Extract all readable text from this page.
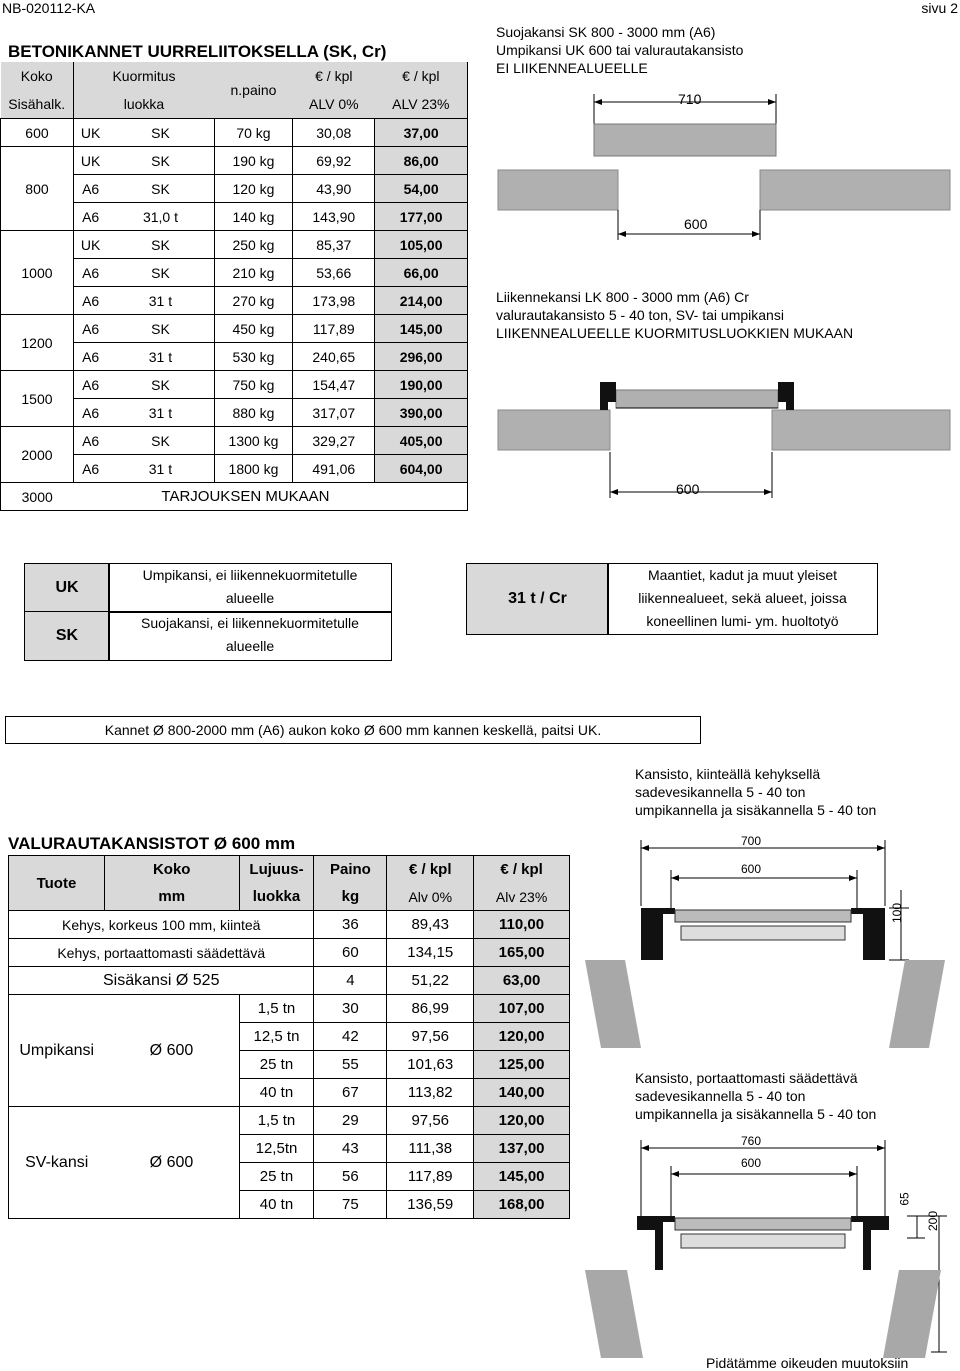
NB-020112-KA	sivu 2
BETONIKANNET UURRELIITOKSELLA (SK, Cr)
Koko	Kuormitus		n.paino	€ / kpl	€ / kpl
Sisähalk.	luokka			ALV 0%	ALV 23%
600	UK	SK	70 kg	30,08	37,00
800	UK	SK	190 kg	69,92	86,00
	A6	SK	120 kg	43,90	54,00
	A6	31,0 t	140 kg	143,90	177,00
1000	UK	SK	250 kg	85,37	105,00
	A6	SK	210 kg	53,66	66,00
	A6	31 t	270 kg	173,98	214,00
1200	A6	SK	450 kg	117,89	145,00
	A6	31 t	530 kg	240,65	296,00
1500	A6	SK	750 kg	154,47	190,00
	A6	31 t	880 kg	317,07	390,00
2000	A6	SK	1300 kg	329,27	405,00
	A6	31 t	1800 kg	491,06	604,00
3000	TARJOUKSEN MUKAAN				
Suojakansi SK 800 - 3000 mm (A6)
Umpikansi UK 600 tai valurautakansisto
EI LIIKENNEALUEELLE
710
600
Liikennekansi LK 800 - 3000 mm (A6) Cr
valurautakansisto 5 - 40 ton, SV- tai umpikansi
LIIKENNEALUEELLE KUORMITUSLUOKKIEN MUKAAN
600
UK
Umpikansi, ei liikennekuormitetulle
alueelle
SK
Suojakansi, ei liikennekuormitetulle
alueelle
31 t / Cr
Maantiet, kadut ja muut yleiset
liikennealueet, sekä alueet, joissa
koneellinen lumi- ym. huoltotyö
Kannet Ø 800-2000 mm (A6) aukon koko Ø 600 mm kannen keskellä, paitsi UK.
VALURAUTAKANSISTOT Ø 600 mm
Tuote	Koko	Lujuus-	Paino	€ / kpl	€ / kpl
	mm	luokka	kg	Alv 0%	Alv 23%
Kehys, korkeus 100 mm, kiinteä			36	89,43	110,00
Kehys, portaattomasti säädettävä			60	134,15	165,00
Sisäkansi Ø 525			4	51,22	63,00
Umpikansi	Ø 600	1,5 tn	30	86,99	107,00
		12,5 tn	42	97,56	120,00
		25 tn	55	101,63	125,00
		40 tn	67	113,82	140,00
SV-kansi	Ø 600	1,5 tn	29	97,56	120,00
		12,5tn	43	111,38	137,00
		25 tn	56	117,89	145,00
		40 tn	75	136,59	168,00
Kansisto, kiinteällä kehyksellä
sadevesikannella 5 - 40 ton
umpikannella ja sisäkannella 5 - 40 ton
700
600
100
Kansisto, portaattomasti säädettävä
sadevesikannella 5 - 40 ton
umpikannella ja sisäkannella 5 - 40 ton
760
600
65
200
Pidätämme oikeuden muutoksiin
